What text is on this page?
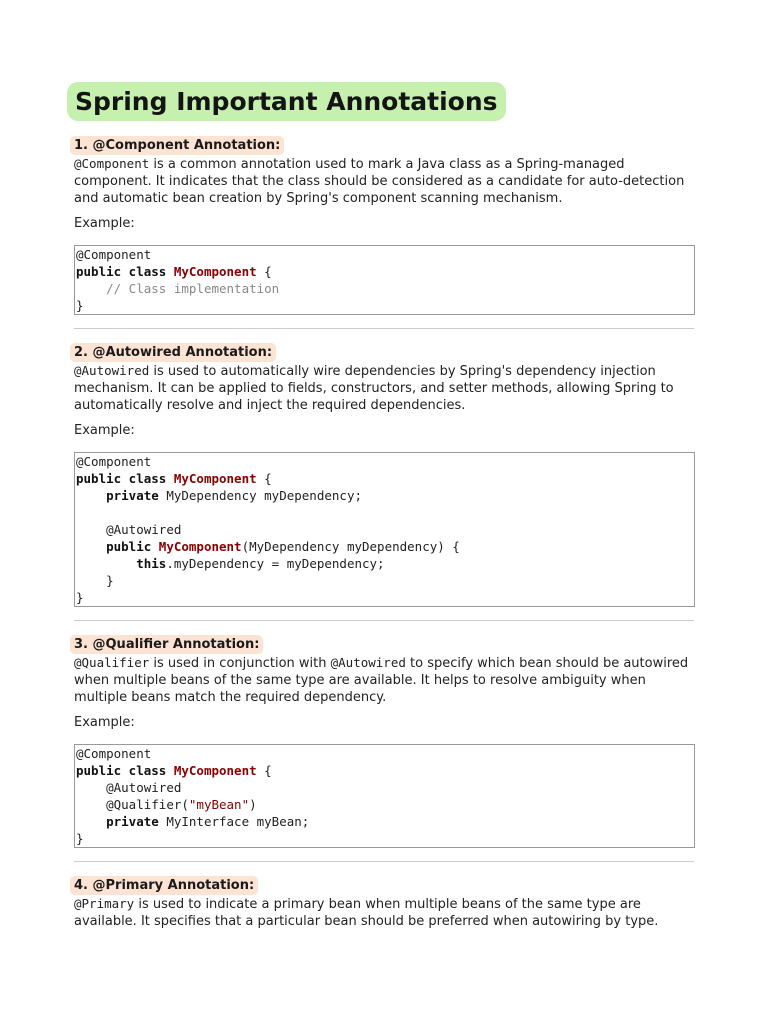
Spring Important Annotations
1. @Component Annotation:

@Component is a common annotation used to mark a Java class as a Spring-managed component. It indicates that the class should be considered as a candidate for auto-detection and automatic bean creation by Spring's component scanning mechanism.

Example:

@Component
public class MyComponent {
// Class implementation
}
2. @Autowired Annotation:

@Autowired is used to automatically wire dependencies by Spring's dependency injection mechanism. It can be applied to fields, constructors, and setter methods, allowing Spring to automatically resolve and inject the required dependencies.

Example:

@Component
public class MyComponent {
private MyDependency myDependency;

@Autowired
public MyComponent(MyDependency myDependency) {
this.myDependency = myDependency;
}
}
3. @Qualifier Annotation:

@Qualifier is used in conjunction with @Autowired to specify which bean should be autowired when multiple beans of the same type are available. It helps to resolve ambiguity when multiple beans match the required dependency.

Example:

@Component
public class MyComponent {
@Autowired
@Qualifier("myBean")
private MyInterface myBean;
}
4. @Primary Annotation:

@Primary is used to indicate a primary bean when multiple beans of the same type are available. It specifies that a particular bean should be preferred when autowiring by type.
